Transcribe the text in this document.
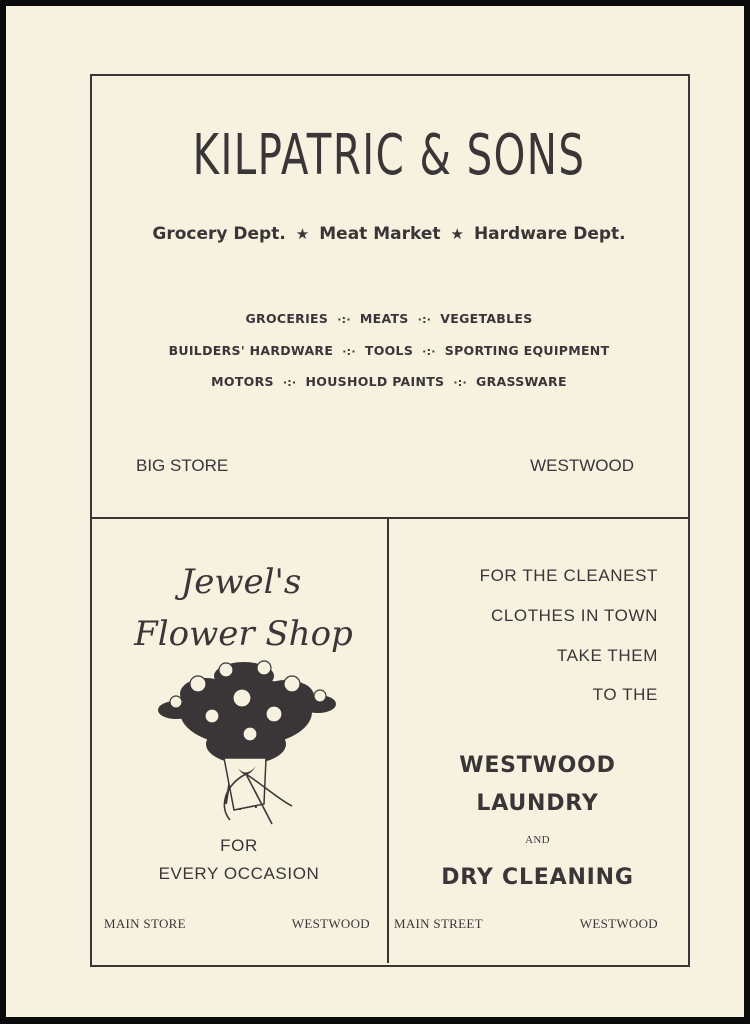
KILPATRIC & SONS
Grocery Dept. ★ Meat Market ★ Hardware Dept.
GROCERIES ·:· MEATS ·:· VEGETABLES
BUILDERS' HARDWARE ·:· TOOLS ·:· SPORTING EQUIPMENT
MOTORS ·:· HOUSHOLD PAINTS ·:· GRASSWARE
BIG STORE	WESTWOOD
Jewel's
Flower Shop
FOR
EVERY OCCASION
MAIN STORE	WESTWOOD
FOR THE CLEANEST
CLOTHES IN TOWN
TAKE THEM
TO THE
WESTWOOD
LAUNDRY
AND
DRY CLEANING
MAIN STREET	WESTWOOD
